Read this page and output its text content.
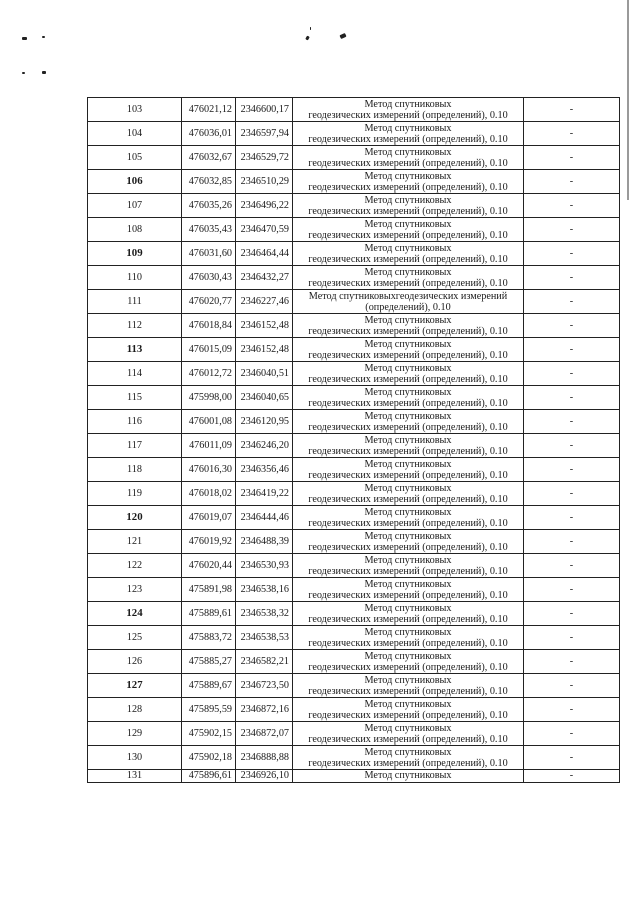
103	476021,12	2346600,17	Метод спутниковых
геодезических измерений (определений), 0.10	-
104	476036,01	2346597,94	Метод спутниковых
геодезических измерений (определений), 0.10	-
105	476032,67	2346529,72	Метод спутниковых
геодезических измерений (определений), 0.10	-
106	476032,85	2346510,29	Метод спутниковых
геодезических измерений (определений), 0.10	-
107	476035,26	2346496,22	Метод спутниковых
геодезических измерений (определений), 0.10	-
108	476035,43	2346470,59	Метод спутниковых
геодезических измерений (определений), 0.10	-
109	476031,60	2346464,44	Метод спутниковых
геодезических измерений (определений), 0.10	-
110	476030,43	2346432,27	Метод спутниковых
геодезических измерений (определений), 0.10	-
111	476020,77	2346227,46	Метод спутниковыхгеодезических измерений
(определений), 0.10	-
112	476018,84	2346152,48	Метод спутниковых
геодезических измерений (определений), 0.10	-
113	476015,09	2346152,48	Метод спутниковых
геодезических измерений (определений), 0.10	-
114	476012,72	2346040,51	Метод спутниковых
геодезических измерений (определений), 0.10	-
115	475998,00	2346040,65	Метод спутниковых
геодезических измерений (определений), 0.10	-
116	476001,08	2346120,95	Метод спутниковых
геодезических измерений (определений), 0.10	-
117	476011,09	2346246,20	Метод спутниковых
геодезических измерений (определений), 0.10	-
118	476016,30	2346356,46	Метод спутниковых
геодезических измерений (определений), 0.10	-
119	476018,02	2346419,22	Метод спутниковых
геодезических измерений (определений), 0.10	-
120	476019,07	2346444,46	Метод спутниковых
геодезических измерений (определений), 0.10	-
121	476019,92	2346488,39	Метод спутниковых
геодезических измерений (определений), 0.10	-
122	476020,44	2346530,93	Метод спутниковых
геодезических измерений (определений), 0.10	-
123	475891,98	2346538,16	Метод спутниковых
геодезических измерений (определений), 0.10	-
124	475889,61	2346538,32	Метод спутниковых
геодезических измерений (определений), 0.10	-
125	475883,72	2346538,53	Метод спутниковых
геодезических измерений (определений), 0.10	-
126	475885,27	2346582,21	Метод спутниковых
геодезических измерений (определений), 0.10	-
127	475889,67	2346723,50	Метод спутниковых
геодезических измерений (определений), 0.10	-
128	475895,59	2346872,16	Метод спутниковых
геодезических измерений (определений), 0.10	-
129	475902,15	2346872,07	Метод спутниковых
геодезических измерений (определений), 0.10	-
130	475902,18	2346888,88	Метод спутниковых
геодезических измерений (определений), 0.10	-
131	475896,61	2346926,10	Метод спутниковых	-
